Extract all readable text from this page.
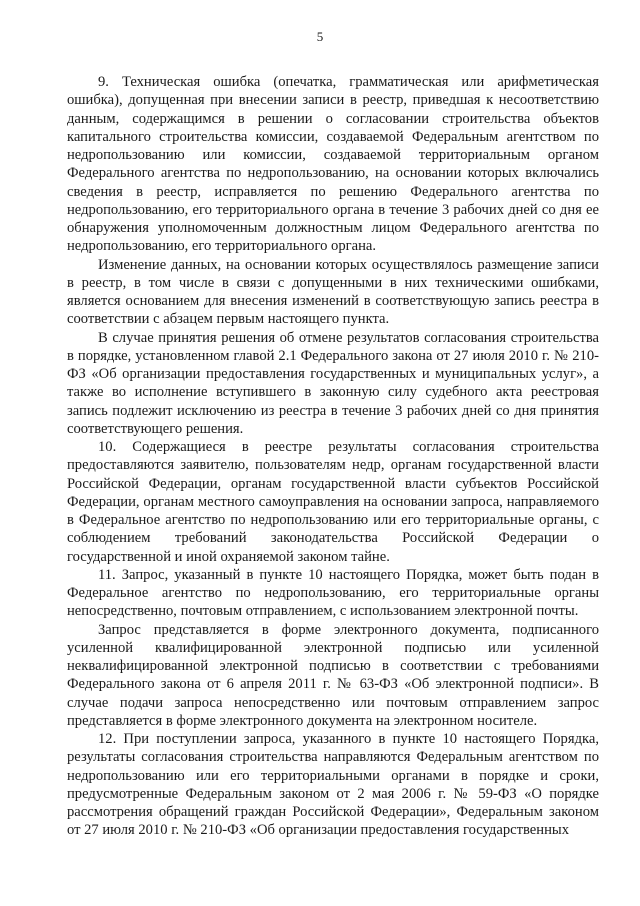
5

9. Техническая ошибка (опечатка, грамматическая или арифметическая ошибка), допущенная при внесении записи в реестр, приведшая к несоответствию данным, содержащимся в решении о согласовании строительства объектов капитального строительства комиссии, создаваемой Федеральным агентством по недропользованию или комиссии, создаваемой территориальным органом Федерального агентства по недропользованию, на основании которых включались сведения в реестр, исправляется по решению Федерального агентства по недропользованию, его территориального органа в течение 3 рабочих дней со дня ее обнаружения уполномоченным должностным лицом Федерального агентства по недропользованию, его территориального органа.

Изменение данных, на основании которых осуществлялось размещение записи в реестр, в том числе в связи с допущенными в них техническими ошибками, является основанием для внесения изменений в соответствующую запись реестра в соответствии с абзацем первым настоящего пункта.

В случае принятия решения об отмене результатов согласования строительства в порядке, установленном главой 2.1 Федерального закона от 27 июля 2010 г. № 210-ФЗ «Об организации предоставления государственных и муниципальных услуг», а также во исполнение вступившего в законную силу судебного акта реестровая запись подлежит исключению из реестра в течение 3 рабочих дней со дня принятия соответствующего решения.

10. Содержащиеся в реестре результаты согласования строительства предоставляются заявителю, пользователям недр, органам государственной власти Российской Федерации, органам государственной власти субъектов Российской Федерации, органам местного самоуправления на основании запроса, направляемого в Федеральное агентство по недропользованию или его территориальные органы, с соблюдением требований законодательства Российской Федерации о государственной и иной охраняемой законом тайне.

11. Запрос, указанный в пункте 10 настоящего Порядка, может быть подан в Федеральное агентство по недропользованию, его территориальные органы непосредственно, почтовым отправлением, с использованием электронной почты.

Запрос представляется в форме электронного документа, подписанного усиленной квалифицированной электронной подписью или усиленной неквалифицированной электронной подписью в соответствии с требованиями Федерального закона от 6 апреля 2011 г. № 63-ФЗ «Об электронной подписи». В случае подачи запроса непосредственно или почтовым отправлением запрос представляется в форме электронного документа на электронном носителе.

12. При поступлении запроса, указанного в пункте 10 настоящего Порядка, результаты согласования строительства направляются Федеральным агентством по недропользованию или его территориальными органами в порядке и сроки, предусмотренные Федеральным законом от 2 мая 2006 г. № 59-ФЗ «О порядке рассмотрения обращений граждан Российской Федерации», Федеральным законом от 27 июля 2010 г. № 210-ФЗ «Об организации предоставления государственных
